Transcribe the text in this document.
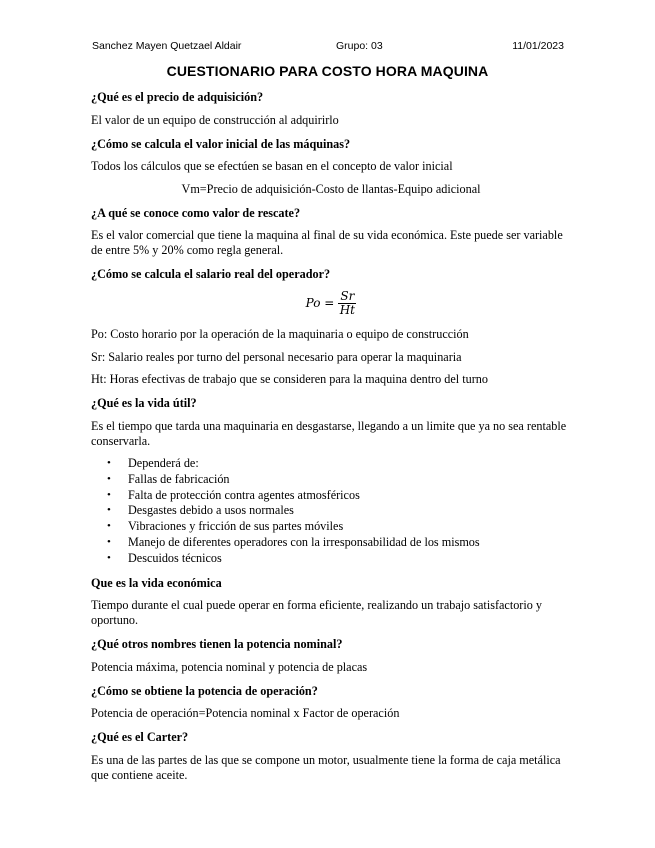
Sanchez Mayen Quetzael Aldair	Grupo: 03	11/01/2023
CUESTIONARIO PARA COSTO HORA MAQUINA

¿Qué es el precio de adquisición?

El valor de un equipo de construcción al adquirirlo

¿Cómo se calcula el valor inicial de las máquinas?

Todos los cálculos que se efectúen se basan en el concepto de valor inicial

Vm=Precio de adquisición-Costo de llantas-Equipo adicional

¿A qué se conoce como valor de rescate?

Es el valor comercial que tiene la maquina al final de su vida económica. Este puede ser variable de entre 5% y 20% como regla general.

¿Cómo se calcula el salario real del operador?

$Po = \frac{Sr}{Ht}$

Po: Costo horario por la operación de la maquinaria o equipo de construcción

Sr: Salario reales por turno del personal necesario para operar la maquinaria

Ht: Horas efectivas de trabajo que se consideren para la maquina dentro del turno

¿Qué es la vida útil?

Es el tiempo que tarda una maquinaria en desgastarse, llegando a un limite que ya no sea rentable conservarla.

• Dependerá de:
• Fallas de fabricación
• Falta de protección contra agentes atmosféricos
• Desgastes debido a usos normales
• Vibraciones y fricción de sus partes móviles
• Manejo de diferentes operadores con la irresponsabilidad de los mismos
• Descuidos técnicos

Que es la vida económica

Tiempo durante el cual puede operar en forma eficiente, realizando un trabajo satisfactorio y oportuno.

¿Qué otros nombres tienen la potencia nominal?

Potencia máxima, potencia nominal y potencia de placas

¿Cómo se obtiene la potencia de operación?

Potencia de operación=Potencia nominal x Factor de operación

¿Qué es el Carter?

Es una de las partes de las que se compone un motor, usualmente tiene la forma de caja metálica que contiene aceite.
